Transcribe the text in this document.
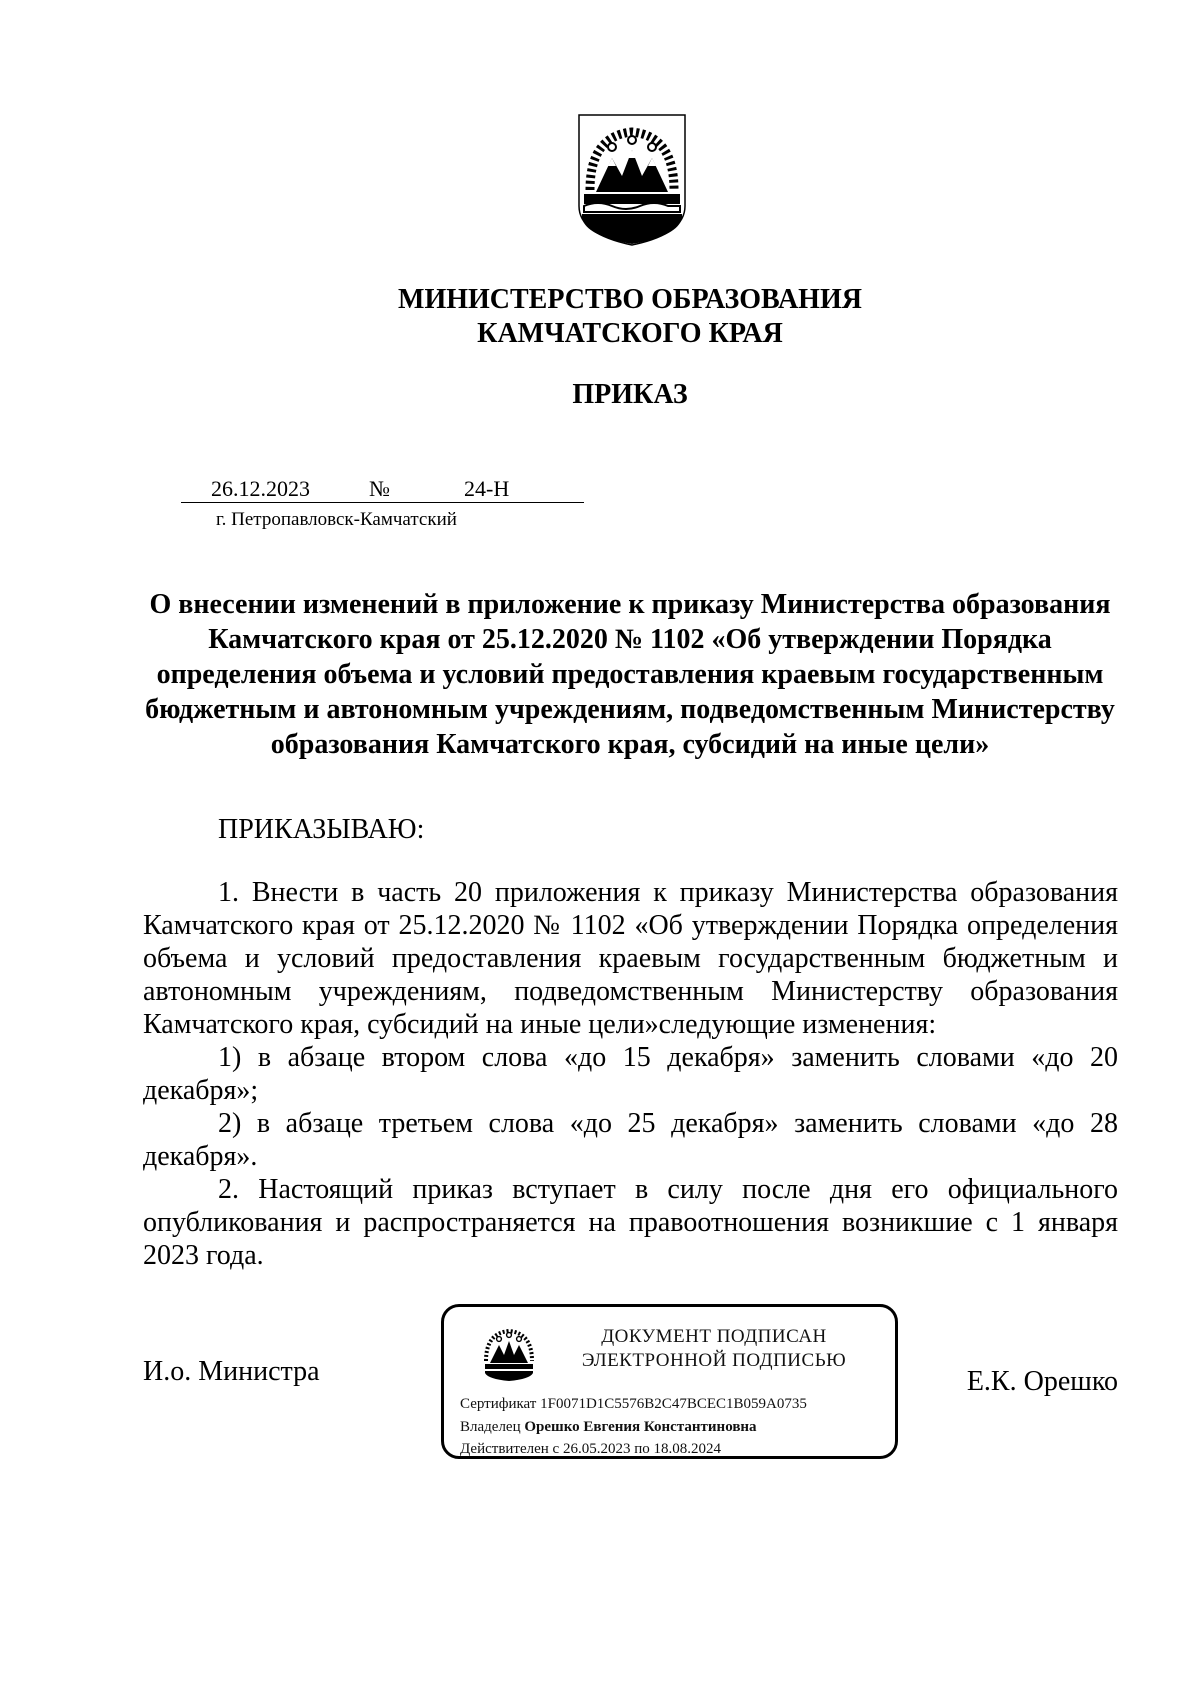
МИНИСТЕРСТВО ОБРАЗОВАНИЯ
КАМЧАТСКОГО КРАЯ
ПРИКАЗ
26.12.2023	№	24-Н
г. Петропавловск-Камчатский
О внесении изменений в приложение к приказу Министерства образования Камчатского края от 25.12.2020 № 1102 «Об утверждении Порядка определения объема и условий предоставления краевым государственным бюджетным и автономным учреждениям, подведомственным Министерству образования Камчатского края, субсидий на иные цели»
ПРИКАЗЫВАЮ:

1. Внести в часть 20 приложения к приказу Министерства образования Камчатского края от 25.12.2020 № 1102 «Об утверждении Порядка определения объема и условий предоставления краевым государственным бюджетным и автономным учреждениям, подведомственным Министерству образования Камчатского края, субсидий на иные цели»следующие изменения:

1) в абзаце втором слова «до 15 декабря» заменить словами «до 20 декабря»;

2) в абзаце третьем слова «до 25 декабря» заменить словами «до 28 декабря».

2. Настоящий приказ вступает в силу после дня его официального опубликования и распространяется на правоотношения возникшие с 1 января 2023 года.

И.о. Министра
ДОКУМЕНТ ПОДПИСАН
ЭЛЕКТРОННОЙ ПОДПИСЬЮ
Сертификат 1F0071D1C5576B2C47BCEC1B059A0735
Владелец Орешко Евгения Константиновна
Действителен с 26.05.2023 по 18.08.2024
Е.К. Орешко
